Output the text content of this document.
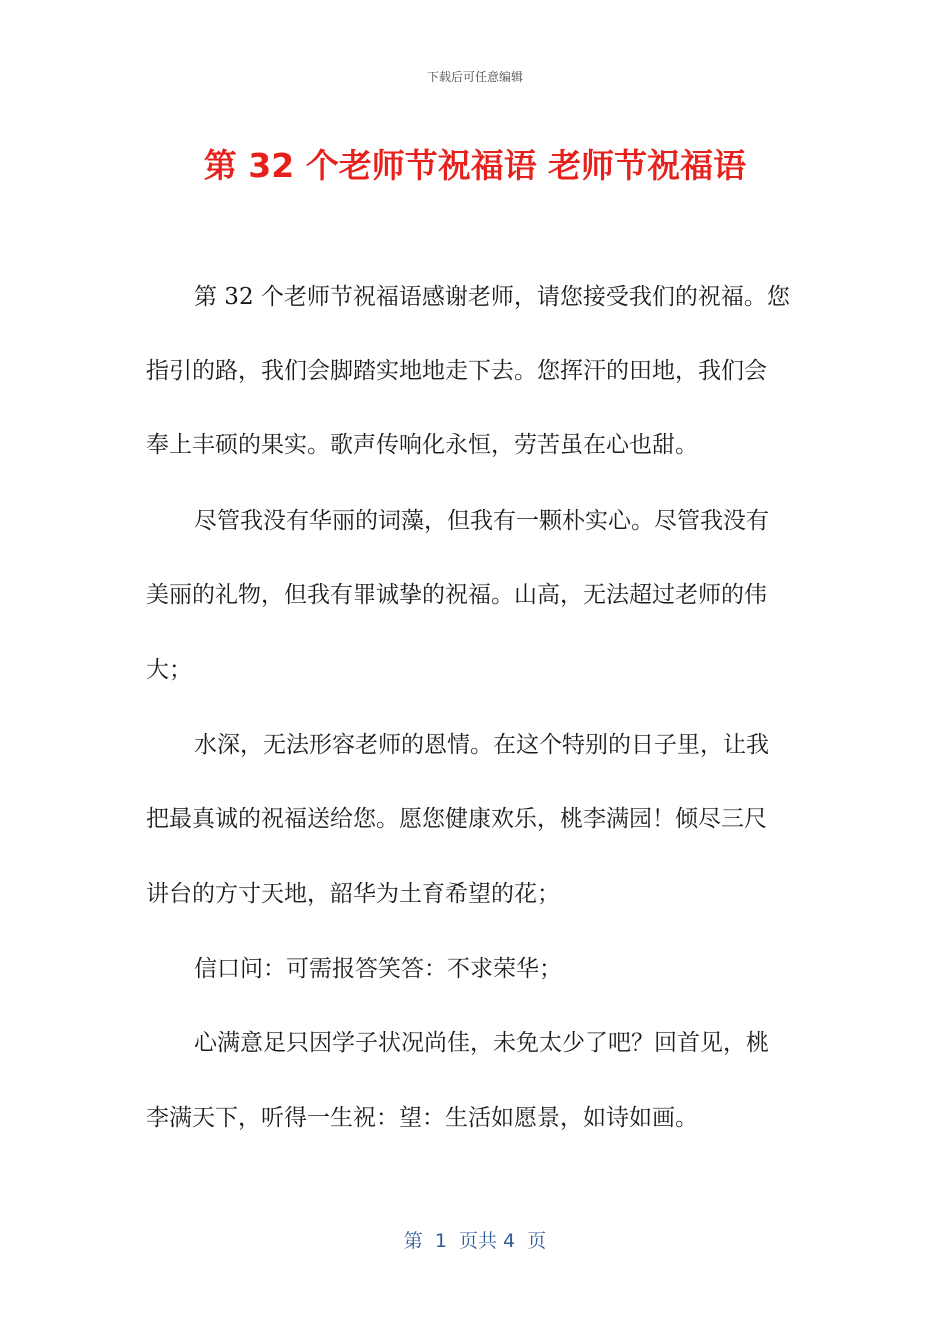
下载后可任意编辑
第 32 个老师节祝福语 老师节祝福语
第 32 个老师节祝福语感谢老师，请您接受我们的祝福。您
指引的路，我们会脚踏实地地走下去。您挥汗的田地，我们会
奉上丰硕的果实。歌声传响化永恒，劳苦虽在心也甜。
尽管我没有华丽的词藻，但我有一颗朴实心。尽管我没有
美丽的礼物，但我有罪诚挚的祝福。山高，无法超过老师的伟
大；
水深，无法形容老师的恩情。在这个特别的日子里，让我
把最真诚的祝福送给您。愿您健康欢乐，桃李满园！倾尽三尺
讲台的方寸天地，韶华为土育希望的花；
信口问：可需报答笑答：不求荣华；
心满意足只因学子状况尚佳，未免太少了吧？回首见，桃
李满天下，听得一生祝：望：生活如愿景，如诗如画。
第  1  页共 4  页
